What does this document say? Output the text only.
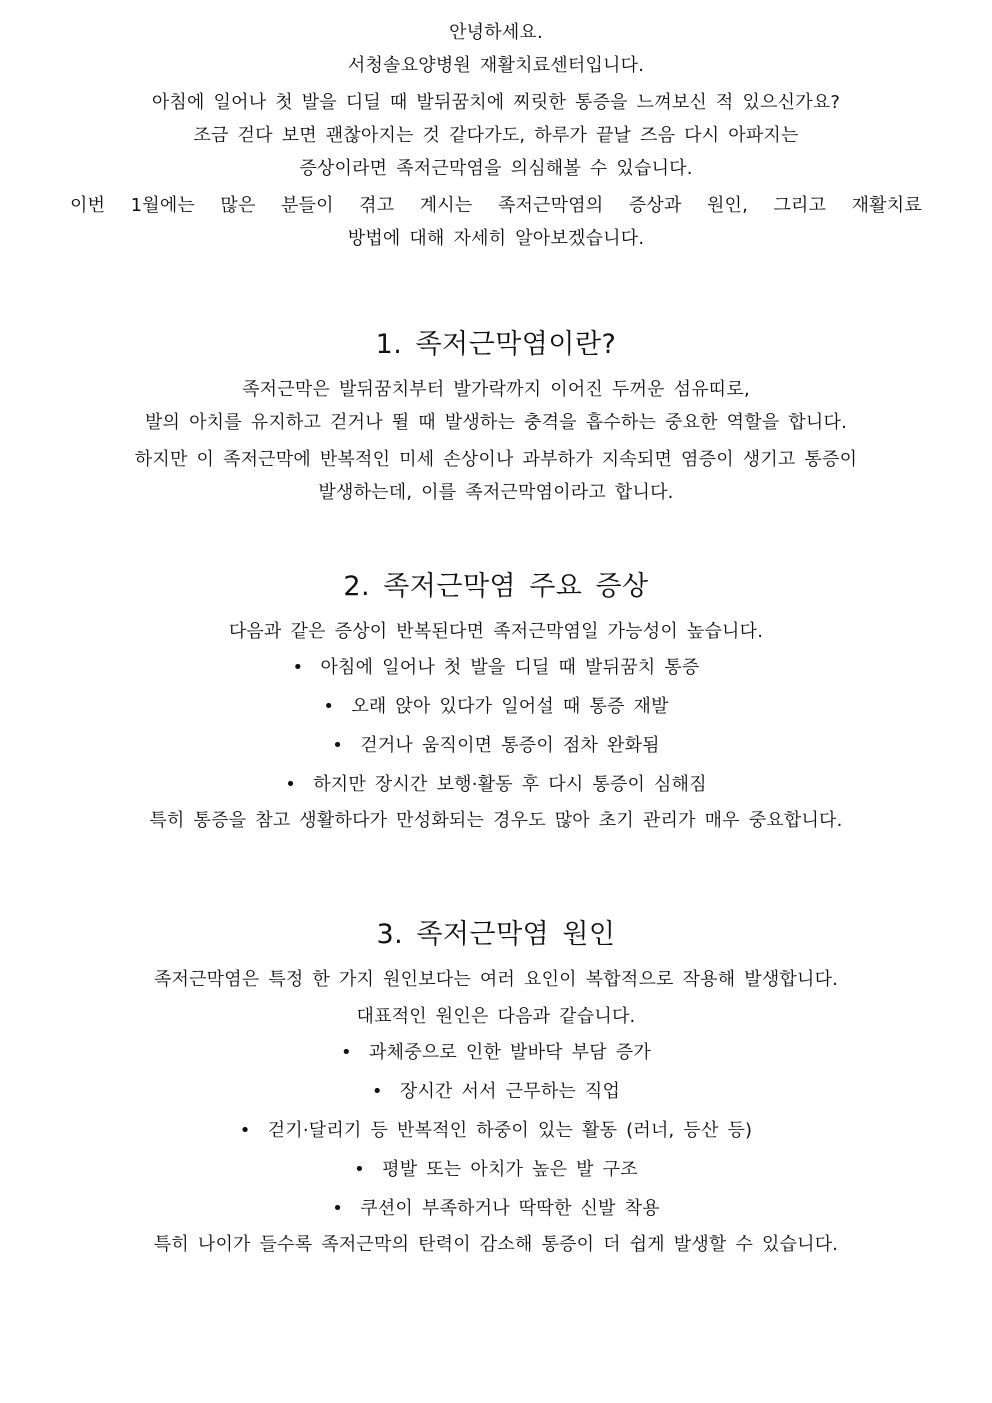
안녕하세요.

서청솔요양병원 재활치료센터입니다.

아침에 일어나 첫 발을 디딜 때 발뒤꿈치에 찌릿한 통증을 느껴보신 적 있으신가요?

조금 걷다 보면 괜찮아지는 것 같다가도, 하루가 끝날 즈음 다시 아파지는

증상이라면 족저근막염을 의심해볼 수 있습니다.

이번 1월에는 많은 분들이 겪고 계시는 족저근막염의 증상과 원인, 그리고 재활치료

방법에 대해 자세히 알아보겠습니다.

1. 족저근막염이란?

족저근막은 발뒤꿈치부터 발가락까지 이어진 두꺼운 섬유띠로,

발의 아치를 유지하고 걷거나 뛸 때 발생하는 충격을 흡수하는 중요한 역할을 합니다.

하지만 이 족저근막에 반복적인 미세 손상이나 과부하가 지속되면 염증이 생기고 통증이

발생하는데, 이를 족저근막염이라고 합니다.

2. 족저근막염 주요 증상

다음과 같은 증상이 반복된다면 족저근막염일 가능성이 높습니다.

• 아침에 일어나 첫 발을 디딜 때 발뒤꿈치 통증
• 오래 앉아 있다가 일어설 때 통증 재발
• 걷거나 움직이면 통증이 점차 완화됨
• 하지만 장시간 보행·활동 후 다시 통증이 심해짐

특히 통증을 참고 생활하다가 만성화되는 경우도 많아 초기 관리가 매우 중요합니다.

3. 족저근막염 원인

족저근막염은 특정 한 가지 원인보다는 여러 요인이 복합적으로 작용해 발생합니다.

대표적인 원인은 다음과 같습니다.

• 과체중으로 인한 발바닥 부담 증가
• 장시간 서서 근무하는 직업
• 걷기·달리기 등 반복적인 하중이 있는 활동 (러너, 등산 등)
• 평발 또는 아치가 높은 발 구조
• 쿠션이 부족하거나 딱딱한 신발 착용

특히 나이가 들수록 족저근막의 탄력이 감소해 통증이 더 쉽게 발생할 수 있습니다.
